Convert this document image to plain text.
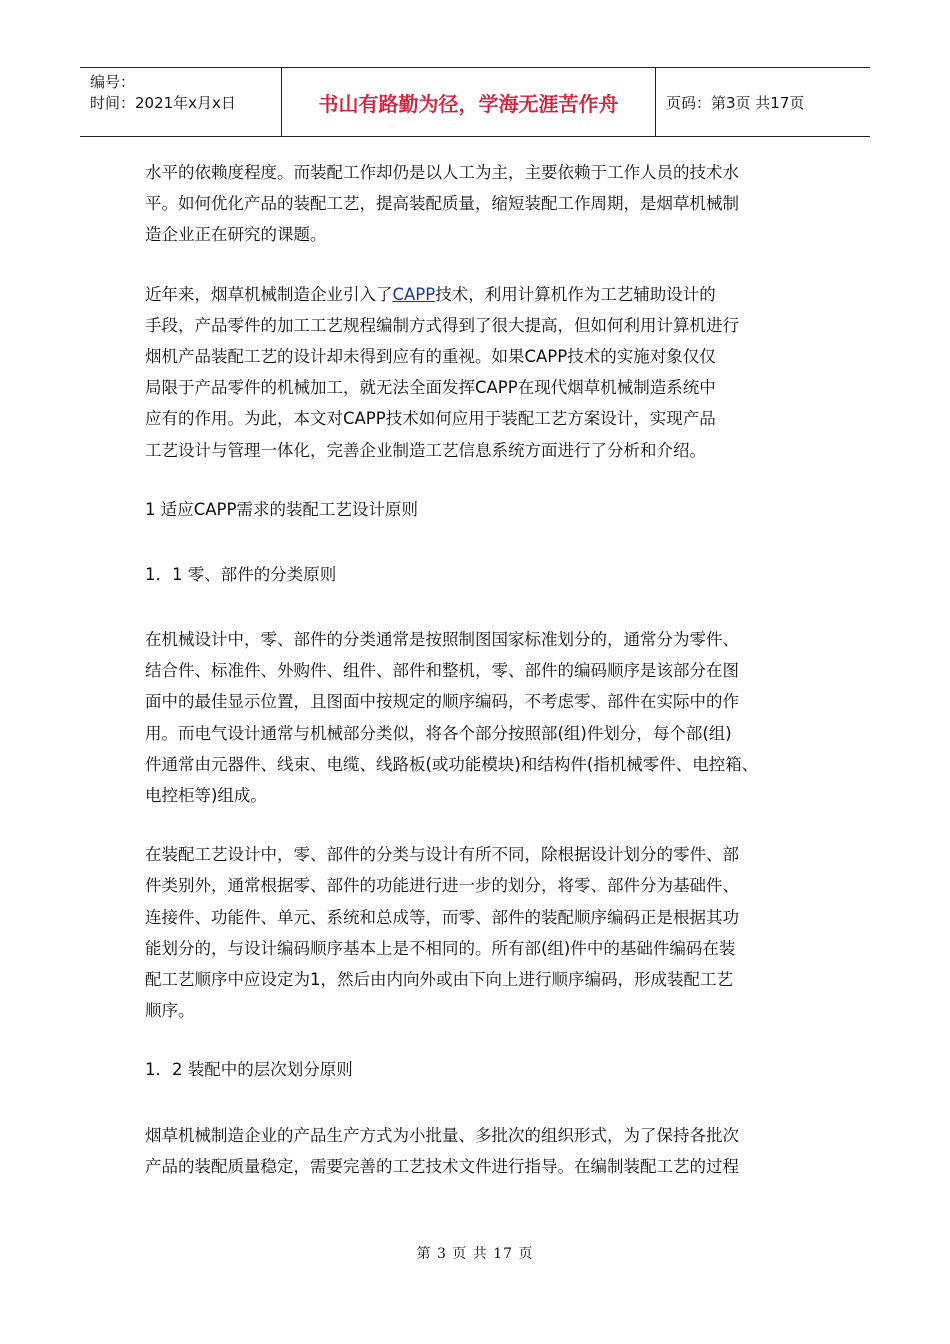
编号：
时间：2021年x月x日	书山有路勤为径，学海无涯苦作舟	页码：第3页 共17页
水平的依赖度程度。而装配工作却仍是以人工为主，主要依赖于工作人员的技术水
平。如何优化产品的装配工艺，提高装配质量，缩短装配工作周期，是烟草机械制
造企业正在研究的课题。
近年来，烟草机械制造企业引入了CAPP技术，利用计算机作为工艺辅助设计的
手段，产品零件的加工工艺规程编制方式得到了很大提高，但如何利用计算机进行
烟机产品装配工艺的设计却未得到应有的重视。如果CAPP技术的实施对象仅仅
局限于产品零件的机械加工，就无法全面发挥CAPP在现代烟草机械制造系统中
应有的作用。为此，本文对CAPP技术如何应用于装配工艺方案设计，实现产品
工艺设计与管理一体化，完善企业制造工艺信息系统方面进行了分析和介绍。
1 适应CAPP需求的装配工艺设计原则
1．1 零、部件的分类原则
在机械设计中，零、部件的分类通常是按照制图国家标准划分的，通常分为零件、
结合件、标准件、外购件、组件、部件和整机，零、部件的编码顺序是该部分在图
面中的最佳显示位置，且图面中按规定的顺序编码，不考虑零、部件在实际中的作
用。而电气设计通常与机械部分类似，将各个部分按照部(组)件划分，每个部(组)
件通常由元器件、线束、电缆、线路板(或功能模块)和结构件(指机械零件、电控箱、
电控柜等)组成。
在装配工艺设计中，零、部件的分类与设计有所不同，除根据设计划分的零件、部
件类别外，通常根据零、部件的功能进行进一步的划分，将零、部件分为基础件、
连接件、功能件、单元、系统和总成等，而零、部件的装配顺序编码正是根据其功
能划分的，与设计编码顺序基本上是不相同的。所有部(组)件中的基础件编码在装
配工艺顺序中应设定为1，然后由内向外或由下向上进行顺序编码，形成装配工艺
顺序。
1．2 装配中的层次划分原则
烟草机械制造企业的产品生产方式为小批量、多批次的组织形式，为了保持各批次
产品的装配质量稳定，需要完善的工艺技术文件进行指导。在编制装配工艺的过程
第 3 页 共 17 页
